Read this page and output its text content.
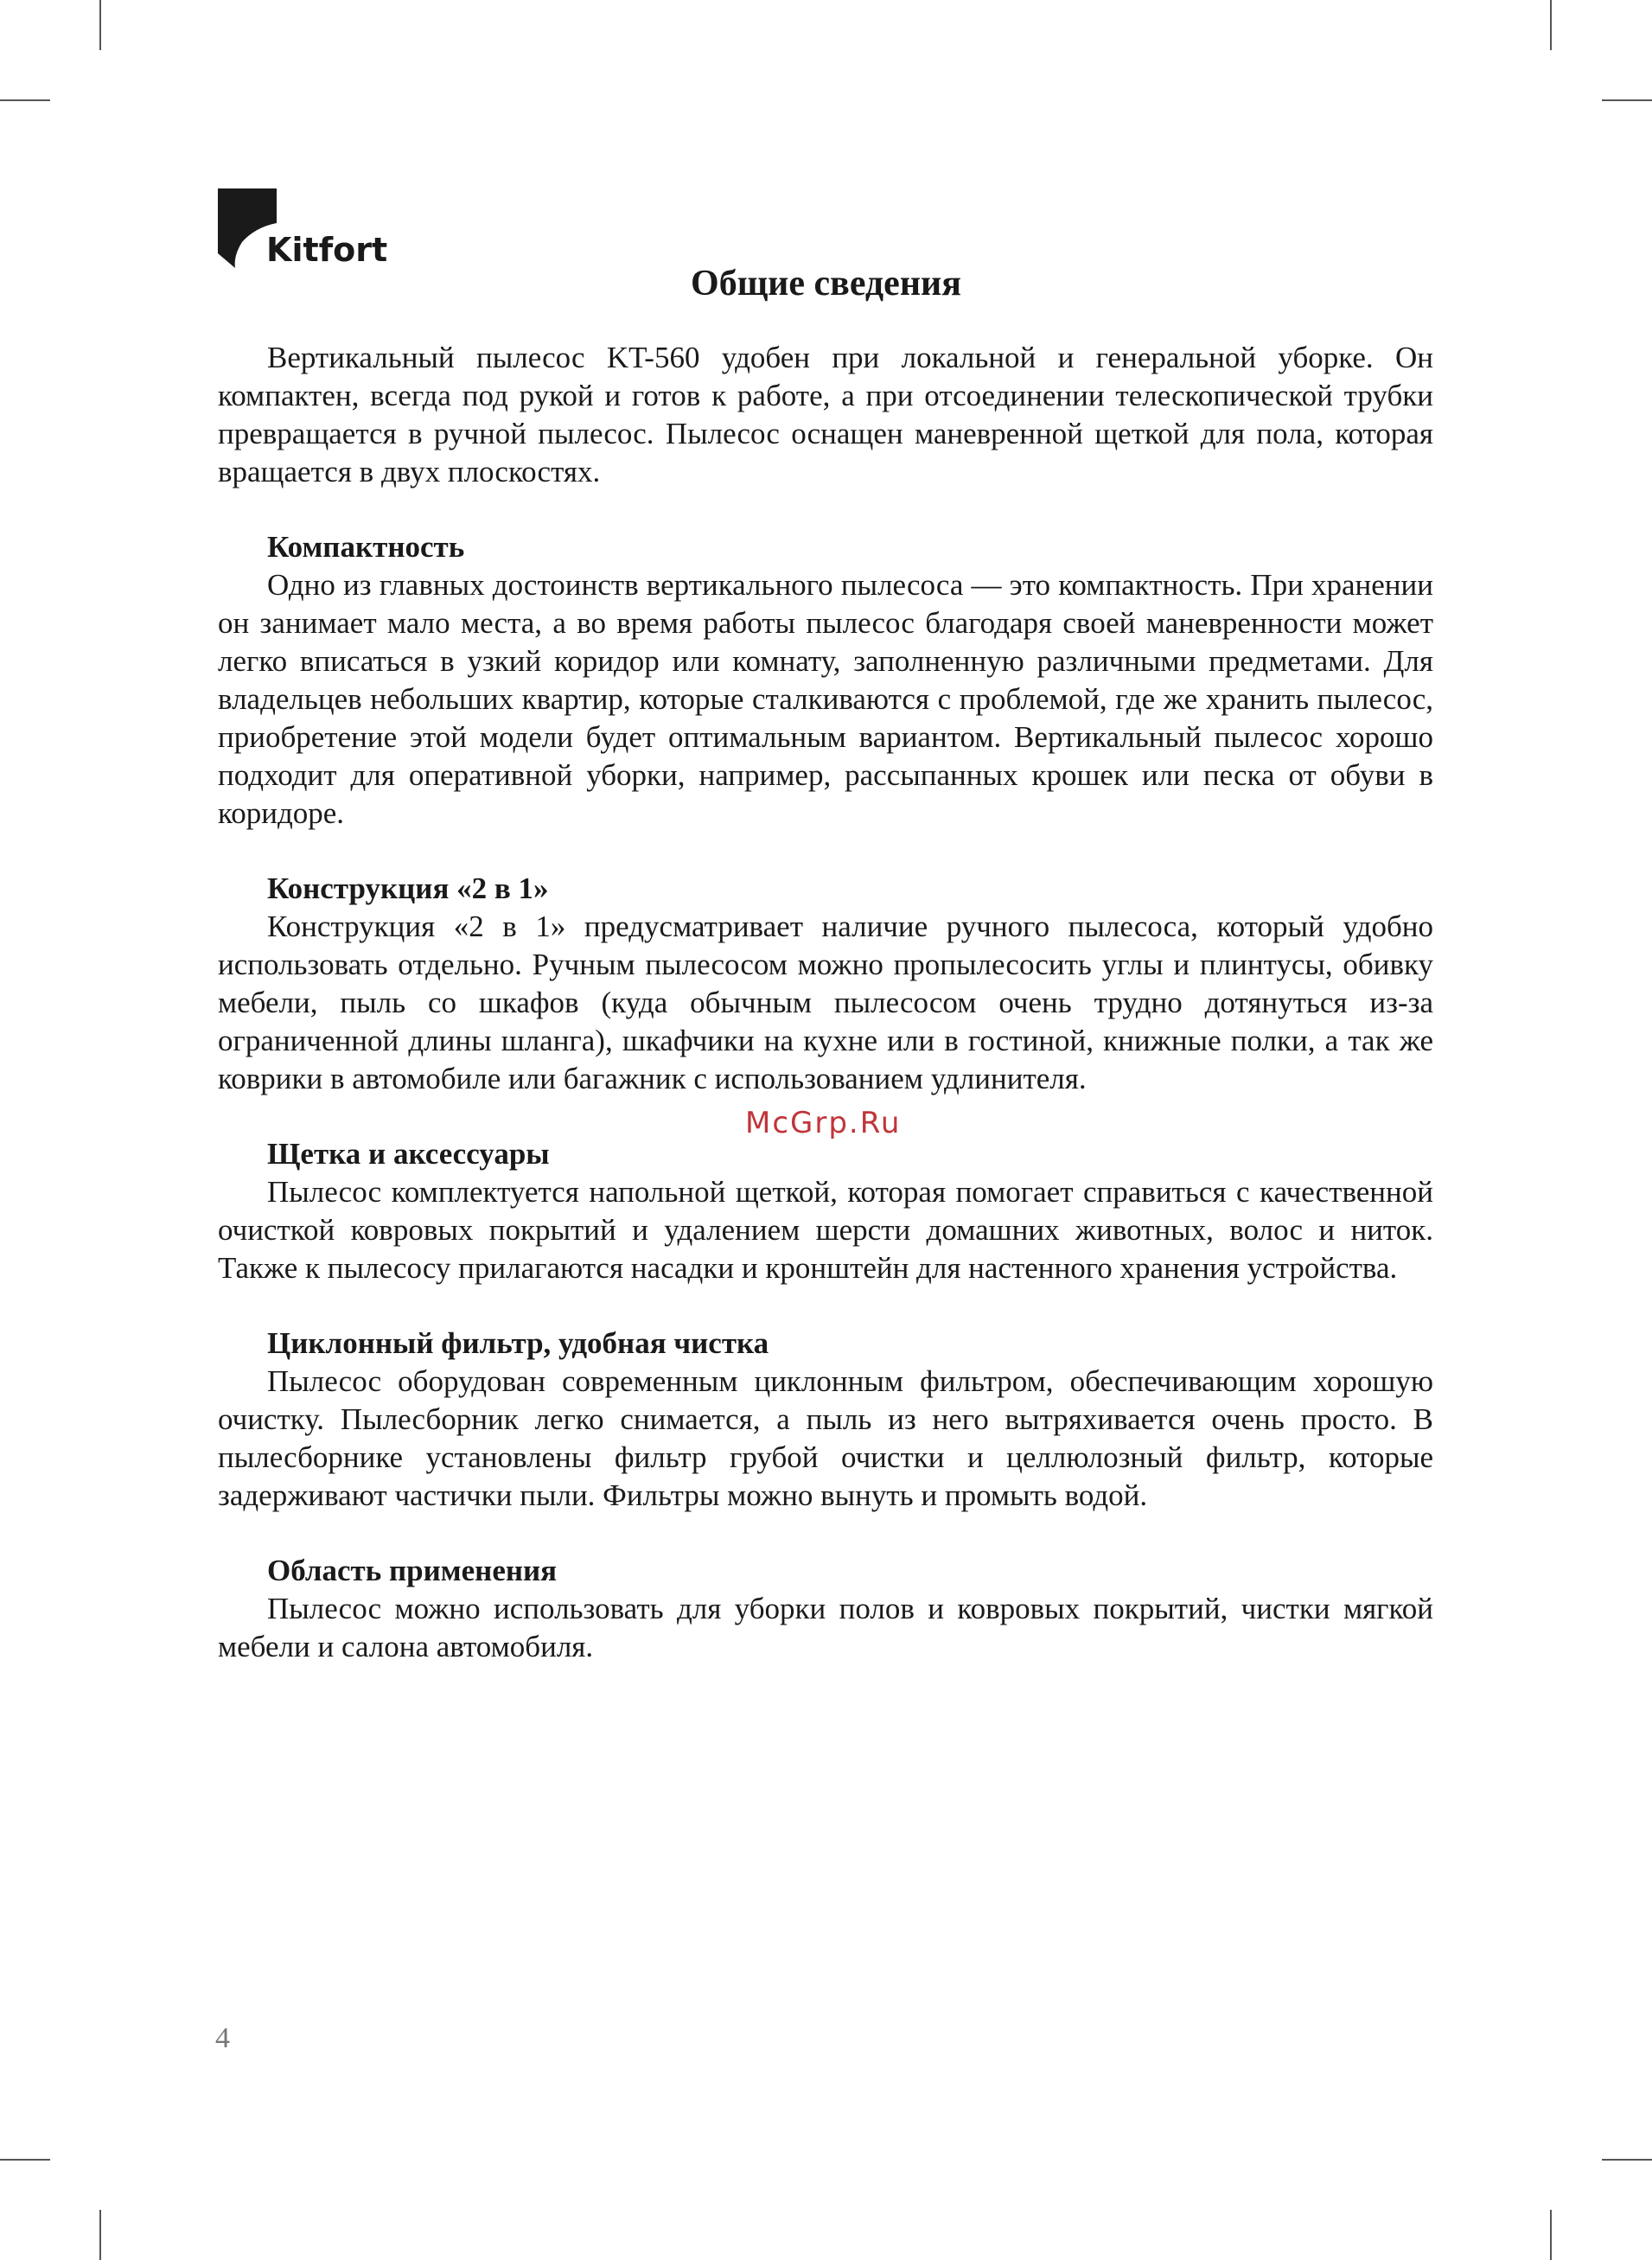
Kitfort
Общие сведения

Вертикальный пылесос KT-560 удобен при локальной и генеральной уборке. Он компактен, всегда под рукой и готов к работе, а при отсоединении телескопической трубки превращается в ручной пылесос. Пылесос оснащен маневренной щеткой для пола, которая вращается в двух плоскостях.

Компактность

Одно из главных достоинств вертикального пылесоса — это компактность. При хранении он занимает мало места, а во время работы пылесос благодаря своей маневренности может легко вписаться в узкий коридор или комнату, заполненную различными предметами. Для владельцев небольших квартир, которые сталкиваются с проблемой, где же хранить пылесос, приобретение этой модели будет оптимальным вариантом. Вертикальный пылесос хорошо подходит для оперативной уборки, например, рассыпанных крошек или песка от обуви в коридоре.

Конструкция «2 в 1»

Конструкция «2 в 1» предусматривает наличие ручного пылесоса, который удобно использовать отдельно. Ручным пылесосом можно пропылесосить углы и плинтусы, обивку мебели, пыль со шкафов (куда обычным пылесосом очень трудно дотянуться из-за ограниченной длины шланга), шкафчики на кухне или в гостиной, книжные полки, а так же коврики в автомобиле или багажник с использованием удлинителя.

Щетка и аксессуары

Пылесос комплектуется напольной щеткой, которая помогает справиться с качественной очисткой ковровых покрытий и удалением шерсти домашних животных, волос и ниток. Также к пылесосу прилагаются насадки и кронштейн для настенного хранения устройства.

Циклонный фильтр, удобная чистка

Пылесос оборудован современным циклонным фильтром, обеспечивающим хорошую очистку. Пылесборник легко снимается, а пыль из него вытряхивается очень просто. В пылесборнике установлены фильтр грубой очистки и целлюлозный фильтр, которые задерживают частички пыли. Фильтры можно вынуть и промыть водой.

Область применения

Пылесос можно использовать для уборки полов и ковровых покрытий, чистки мягкой мебели и салона автомобиля.

McGrp.Ru
4
